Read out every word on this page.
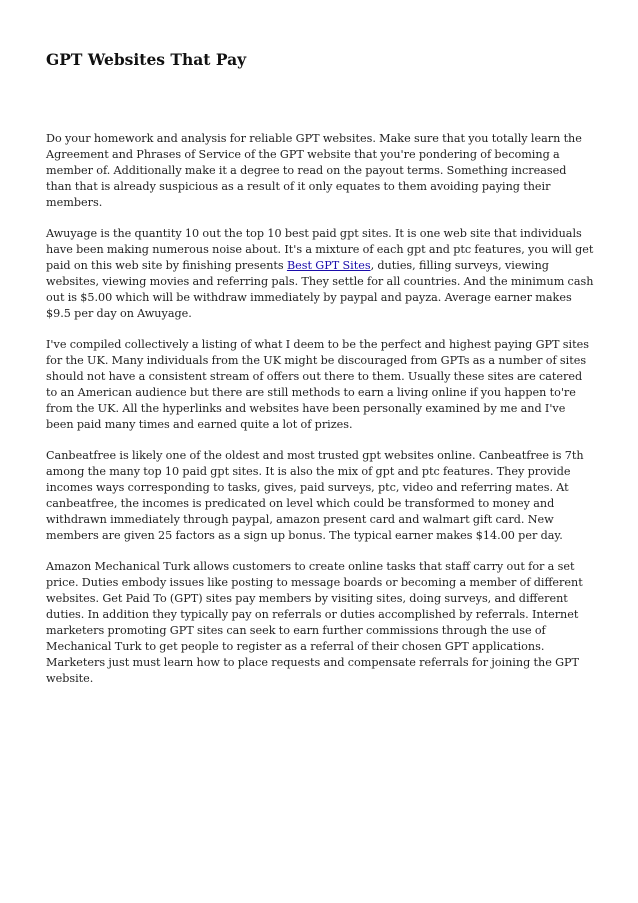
GPT Websites That Pay

Do your homework and analysis for reliable GPT websites. Make sure that you totally learn the Agreement and Phrases of Service of the GPT website that you're pondering of becoming a member of. Additionally make it a degree to read on the payout terms. Something increased than that is already suspicious as a result of it only equates to them avoiding paying their members.

Awuyage is the quantity 10 out the top 10 best paid gpt sites. It is one web site that individuals have been making numerous noise about. It's a mixture of each gpt and ptc features, you will get paid on this web site by finishing presents Best GPT Sites, duties, filling surveys, viewing websites, viewing movies and referring pals. They settle for all countries. And the minimum cash out is $5.00 which will be withdraw immediately by paypal and payza. Average earner makes $9.5 per day on Awuyage.

I've compiled collectively a listing of what I deem to be the perfect and highest paying GPT sites for the UK. Many individuals from the UK might be discouraged from GPTs as a number of sites should not have a consistent stream of offers out there to them. Usually these sites are catered to an American audience but there are still methods to earn a living online if you happen to're from the UK. All the hyperlinks and websites have been personally examined by me and I've been paid many times and earned quite a lot of prizes.

Canbeatfree is likely one of the oldest and most trusted gpt websites online. Canbeatfree is 7th among the many top 10 paid gpt sites. It is also the mix of gpt and ptc features. They provide incomes ways corresponding to tasks, gives, paid surveys, ptc, video and referring mates. At canbeatfree, the incomes is predicated on level which could be transformed to money and withdrawn immediately through paypal, amazon present card and walmart gift card. New members are given 25 factors as a sign up bonus. The typical earner makes $14.00 per day.

Amazon Mechanical Turk allows customers to create online tasks that staff carry out for a set price. Duties embody issues like posting to message boards or becoming a member of different websites. Get Paid To (GPT) sites pay members by visiting sites, doing surveys, and different duties. In addition they typically pay on referrals or duties accomplished by referrals. Internet marketers promoting GPT sites can seek to earn further commissions through the use of Mechanical Turk to get people to register as a referral of their chosen GPT applications. Marketers just must learn how to place requests and compensate referrals for joining the GPT website.
